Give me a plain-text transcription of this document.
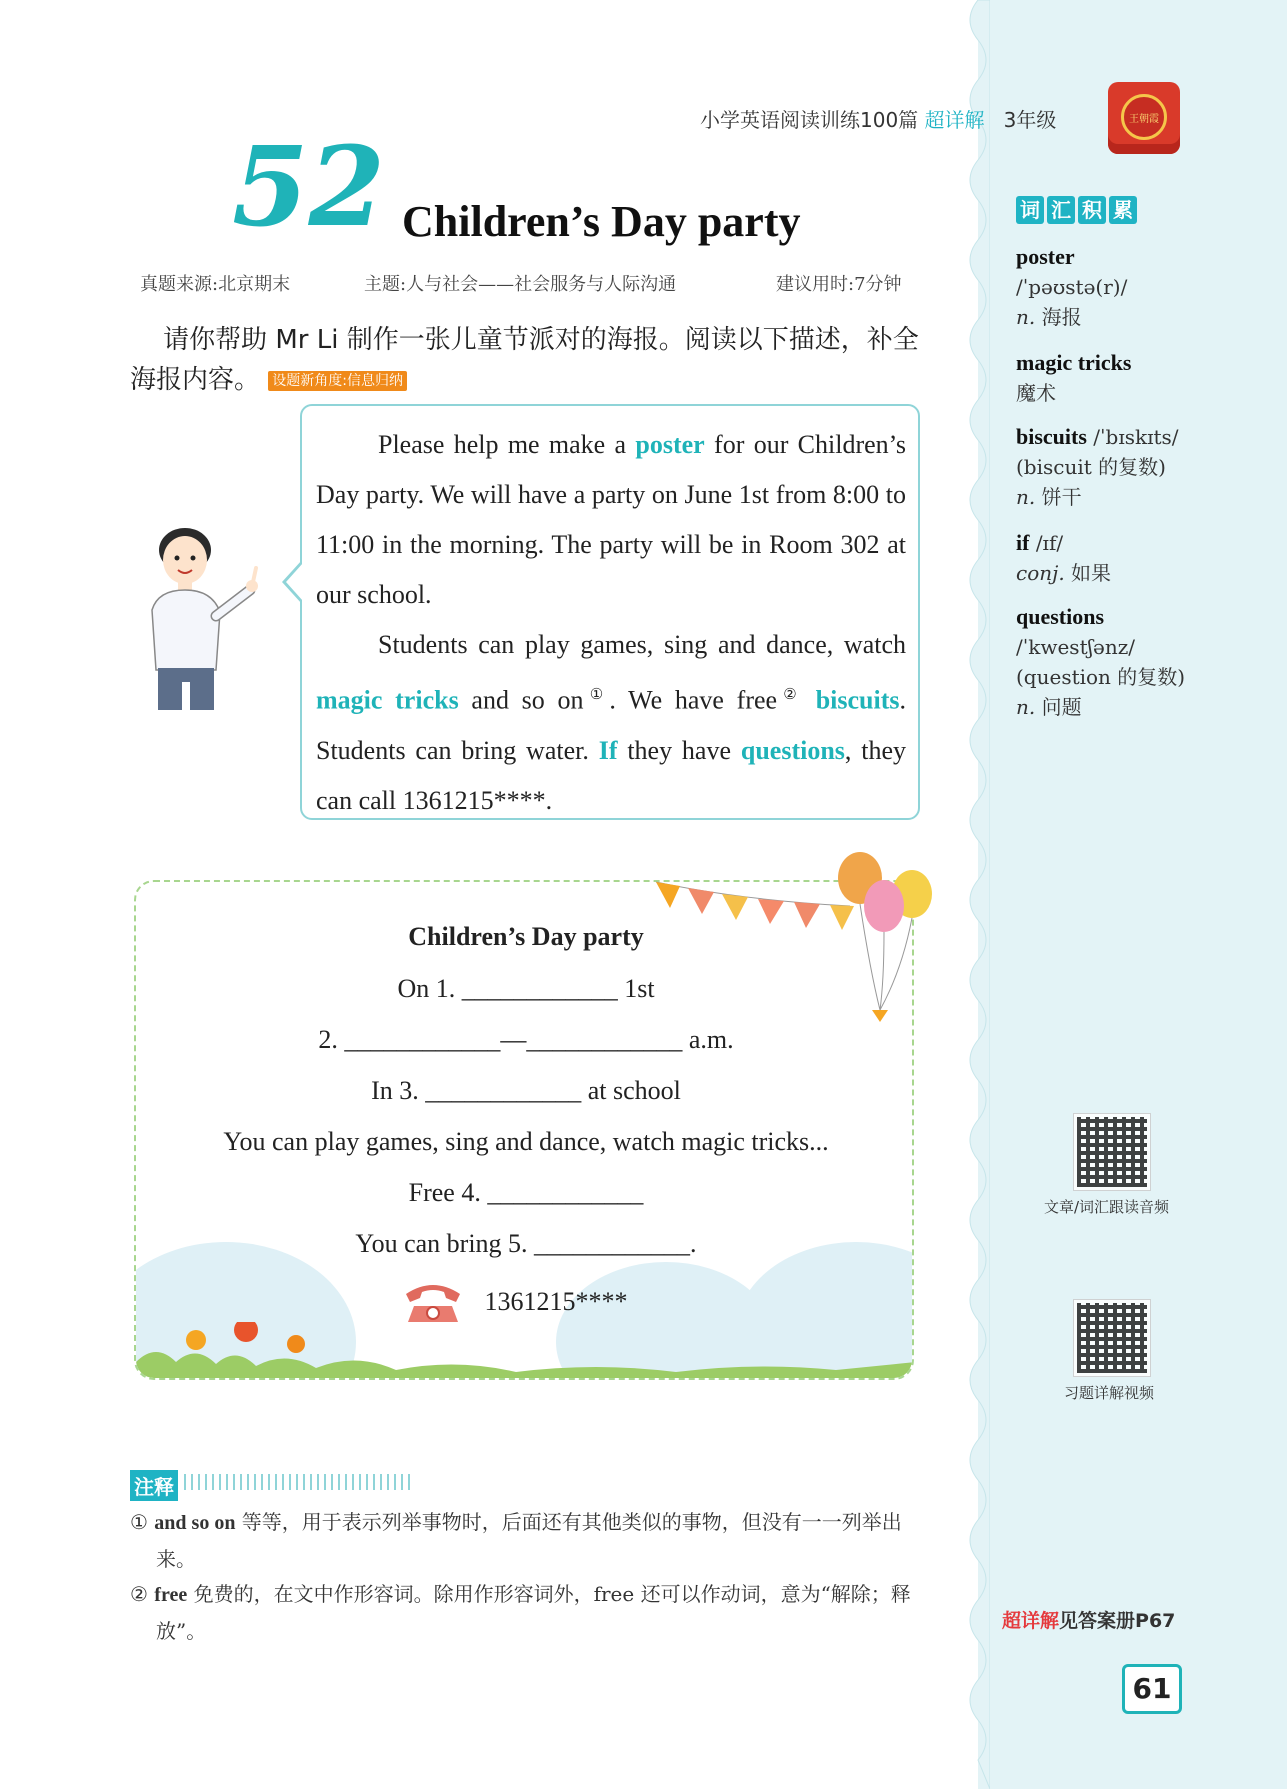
小学英语阅读训练100篇 超详解 3年级	王朝霞
52 Children’s Day party
真题来源:北京期末	主题:人与社会——社会服务与人际沟通	建议用时:7分钟
请你帮助 Mr Li 制作一张儿童节派对的海报。阅读以下描述，补全海报内容。 设题新角度:信息归纳

Please help me make a poster for our Children’s Day party. We will have a party on June 1st from 8:00 to 11:00 in the morning. The party will be in Room 302 at our school.

Students can play games, sing and dance, watch magic tricks and so on①. We have free② biscuits. Students can bring water. If they have questions, they can call 1361215****.

Children’s Day party
On 1. ____________ 1st
2. ____________—____________ a.m.
In 3. ____________ at school
You can play games, sing and dance, watch magic tricks...
Free 4. ____________
You can bring 5. ____________.
1361215****
注释
① and so on 等等，用于表示列举事物时，后面还有其他类似的事物，但没有一一列举出来。
② free 免费的，在文中作形容词。除用作形容词外，free 还可以作动词，意为“解除；释放”。
词 汇 积 累
poster
/ˈpəʊstə(r)/
n. 海报
magic tricks
魔术
biscuits /ˈbɪskɪts/
(biscuit 的复数)
n. 饼干
if /ɪf/
conj. 如果
questions
/ˈkwestʃənz/
(question 的复数)
n. 问题
文章/词汇跟读音频
习题详解视频
超详解见答案册P67
61
